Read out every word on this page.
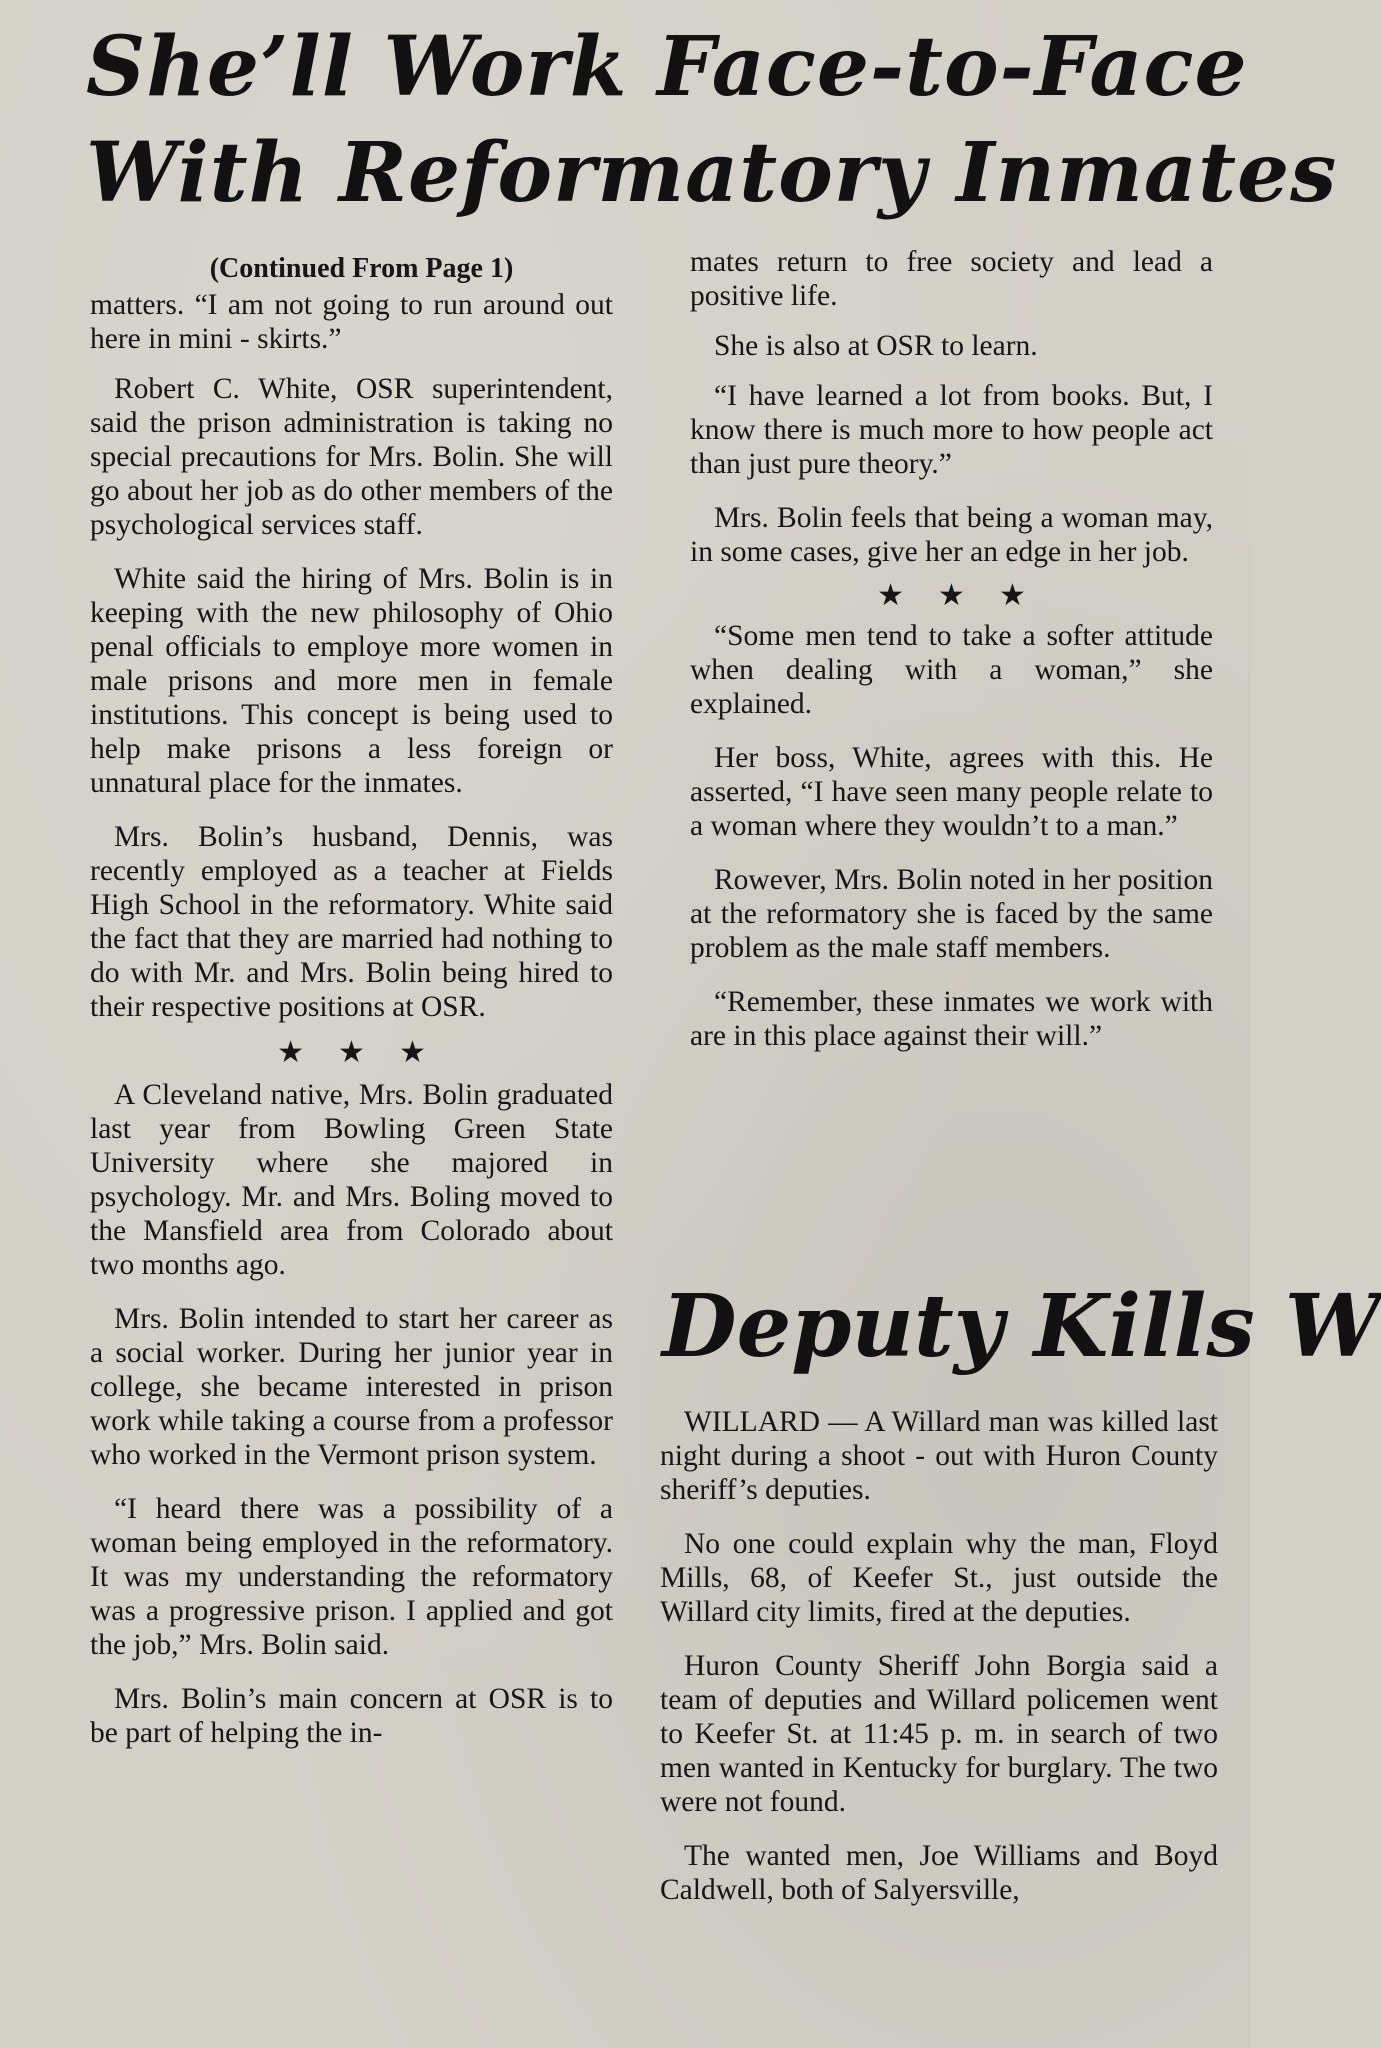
She’ll Work Face-to-Face
With Reformatory Inmates
(Continued From Page 1)

matters. “I am not going to run around out here in mini - skirts.”

Robert C. White, OSR superintendent, said the prison administration is taking no special precautions for Mrs. Bolin. She will go about her job as do other members of the psychological services staff.

White said the hiring of Mrs. Bolin is in keeping with the new philosophy of Ohio penal officials to employe more women in male prisons and more men in female institutions. This concept is being used to help make prisons a less foreign or unnatural place for the inmates.

Mrs. Bolin’s husband, Dennis, was recently employed as a teacher at Fields High School in the reformatory. White said the fact that they are married had nothing to do with Mr. and Mrs. Bolin being hired to their respective positions at OSR.

★★★

A Cleveland native, Mrs. Bolin graduated last year from Bowling Green State University where she majored in psychology. Mr. and Mrs. Boling moved to the Mansfield area from Colorado about two months ago.

Mrs. Bolin intended to start her career as a social worker. During her junior year in college, she became interested in prison work while taking a course from a professor who worked in the Vermont prison system.

“I heard there was a possibility of a woman being employed in the reformatory. It was my understanding the reformatory was a progressive prison. I applied and got the job,” Mrs. Bolin said.

Mrs. Bolin’s main concern at OSR is to be part of helping the in-

mates return to free society and lead a positive life.

She is also at OSR to learn.

“I have learned a lot from books. But, I know there is much more to how people act than just pure theory.”

Mrs. Bolin feels that being a woman may, in some cases, give her an edge in her job.

★★★

“Some men tend to take a softer attitude when dealing with a woman,” she explained.

Her boss, White, agrees with this. He asserted, “I have seen many people relate to a woman where they wouldn’t to a man.”

Rowever, Mrs. Bolin noted in her position at the reformatory she is faced by the same problem as the male staff members.

“Remember, these inmates we work with are in this place against their will.”

Deputy Kills W

WILLARD — A Willard man was killed last night during a shoot - out with Huron County sheriff’s deputies.

No one could explain why the man, Floyd Mills, 68, of Keefer St., just outside the Willard city limits, fired at the deputies.

Huron County Sheriff John Borgia said a team of deputies and Willard policemen went to Keefer St. at 11:45 p. m. in search of two men wanted in Kentucky for burglary. The two were not found.

The wanted men, Joe Williams and Boyd Caldwell, both of Salyersville,
